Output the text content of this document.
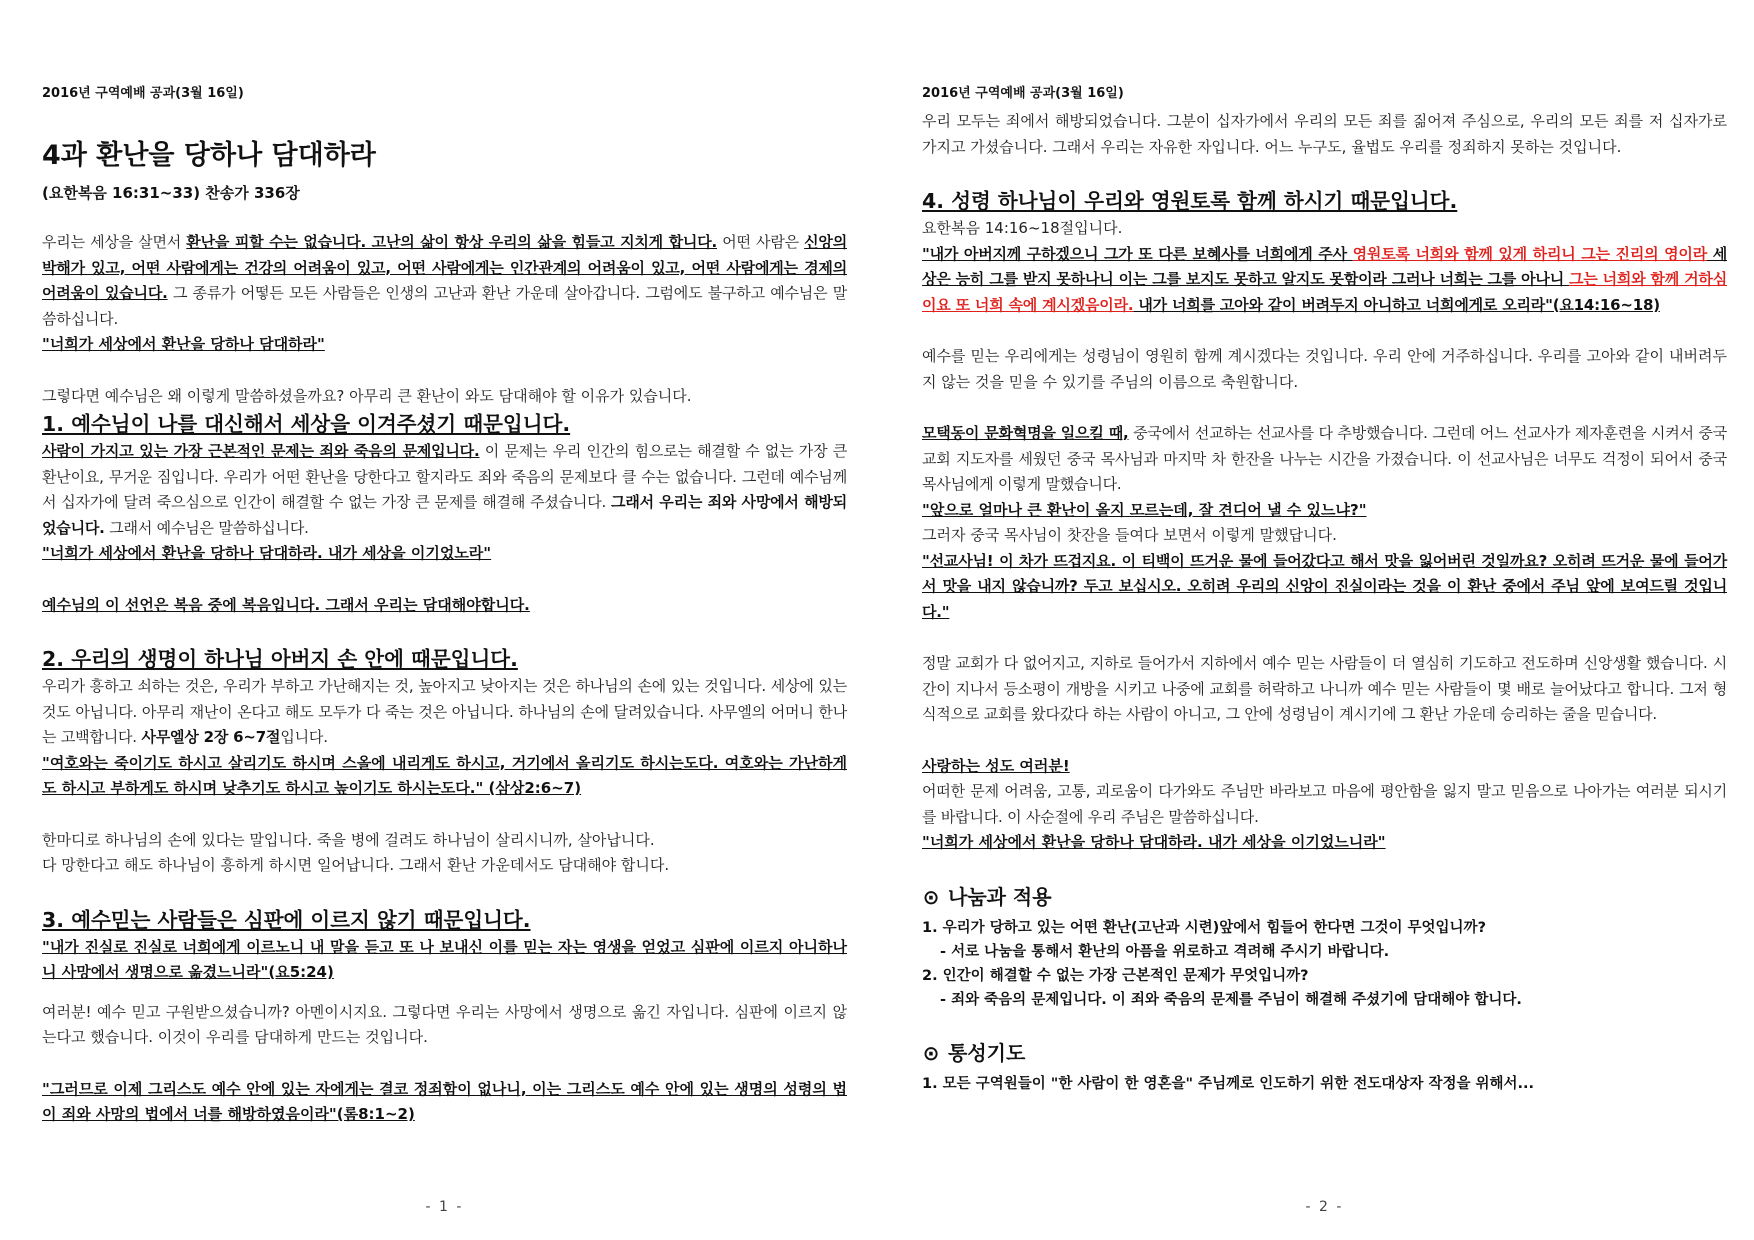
2016년 구역예배 공과(3월 16일)
4과 환난을 당하나 담대하라
(요한복음 16:31~33) 찬송가 336장

우리는 세상을 살면서 환난을 피할 수는 없습니다. 고난의 삶이 항상 우리의 삶을 힘들고 지치게 합니다. 어떤 사람은 신앙의 박해가 있고, 어떤 사람에게는 건강의 어려움이 있고, 어떤 사람에게는 인간관계의 어려움이 있고, 어떤 사람에게는 경제의 어려움이 있습니다. 그 종류가 어떻든 모든 사람들은 인생의 고난과 환난 가운데 살아갑니다. 그럼에도 불구하고 예수님은 말씀하십니다.

"너희가 세상에서 환난을 당하나 담대하라"

그렇다면 예수님은 왜 이렇게 말씀하셨을까요? 아무리 큰 환난이 와도 담대해야 할 이유가 있습니다.

1. 예수님이 나를 대신해서 세상을 이겨주셨기 때문입니다.

사람이 가지고 있는 가장 근본적인 문제는 죄와 죽음의 문제입니다. 이 문제는 우리 인간의 힘으로는 해결할 수 없는 가장 큰 환난이요, 무거운 짐입니다. 우리가 어떤 환난을 당한다고 할지라도 죄와 죽음의 문제보다 클 수는 없습니다. 그런데 예수님께서 십자가에 달려 죽으심으로 인간이 해결할 수 없는 가장 큰 문제를 해결해 주셨습니다. 그래서 우리는 죄와 사망에서 해방되었습니다. 그래서 예수님은 말씀하십니다.

"너희가 세상에서 환난을 당하나 담대하라. 내가 세상을 이기었노라"

예수님의 이 선언은 복음 중에 복음입니다. 그래서 우리는 담대해야합니다.

2. 우리의 생명이 하나님 아버지 손 안에 때문입니다.

우리가 흥하고 쇠하는 것은, 우리가 부하고 가난해지는 것, 높아지고 낮아지는 것은 하나님의 손에 있는 것입니다. 세상에 있는 것도 아닙니다. 아무리 재난이 온다고 해도 모두가 다 죽는 것은 아닙니다. 하나님의 손에 달려있습니다. 사무엘의 어머니 한나는 고백합니다. 사무엘상 2장 6~7절입니다.

"여호와는 죽이기도 하시고 살리기도 하시며 스올에 내리게도 하시고, 거기에서 올리기도 하시는도다. 여호와는 가난하게도 하시고 부하게도 하시며 낮추기도 하시고 높이기도 하시는도다." (삼상2:6~7)

한마디로 하나님의 손에 있다는 말입니다. 죽을 병에 걸려도 하나님이 살리시니까, 살아납니다.

다 망한다고 해도 하나님이 흥하게 하시면 일어납니다. 그래서 환난 가운데서도 담대해야 합니다.

3. 예수믿는 사람들은 심판에 이르지 않기 때문입니다.

"내가 진실로 진실로 너희에게 이르노니 내 말을 듣고 또 나 보내신 이를 믿는 자는 영생을 얻었고 심판에 이르지 아니하나니 사망에서 생명으로 옮겼느니라"(요5:24)

여러분! 예수 믿고 구원받으셨습니까? 아멘이시지요. 그렇다면 우리는 사망에서 생명으로 옮긴 자입니다. 심판에 이르지 않는다고 했습니다. 이것이 우리를 담대하게 만드는 것입니다.

"그러므로 이제 그리스도 예수 안에 있는 자에게는 결코 정죄함이 없나니, 이는 그리스도 예수 안에 있는 생명의 성령의 법이 죄와 사망의 법에서 너를 해방하였음이라"(롬8:1~2)

- 1 -
2016년 구역예배 공과(3월 16일)

우리 모두는 죄에서 해방되었습니다. 그분이 십자가에서 우리의 모든 죄를 짊어져 주심으로, 우리의 모든 죄를 저 십자가로 가지고 가셨습니다. 그래서 우리는 자유한 자입니다. 어느 누구도, 율법도 우리를 정죄하지 못하는 것입니다.

4. 성령 하나님이 우리와 영원토록 함께 하시기 때문입니다.

요한복음 14:16~18절입니다.

"내가 아버지께 구하겠으니 그가 또 다른 보혜사를 너희에게 주사 영원토록 너희와 함께 있게 하리니 그는 진리의 영이라 세상은 능히 그를 받지 못하나니 이는 그를 보지도 못하고 알지도 못함이라 그러나 너희는 그를 아나니 그는 너희와 함께 거하심이요 또 너희 속에 계시겠음이라. 내가 너희를 고아와 같이 버려두지 아니하고 너희에게로 오리라"(요14:16~18)

예수를 믿는 우리에게는 성령님이 영원히 함께 계시겠다는 것입니다. 우리 안에 거주하십니다. 우리를 고아와 같이 내버려두지 않는 것을 믿을 수 있기를 주님의 이름으로 축원합니다.

모택동이 문화혁명을 일으킬 때, 중국에서 선교하는 선교사를 다 추방했습니다. 그런데 어느 선교사가 제자훈련을 시켜서 중국교회 지도자를 세웠던 중국 목사님과 마지막 차 한잔을 나누는 시간을 가졌습니다. 이 선교사님은 너무도 걱정이 되어서 중국 목사님에게 이렇게 말했습니다.

"앞으로 얼마나 큰 환난이 올지 모르는데, 잘 견디어 낼 수 있느냐?"

그러자 중국 목사님이 찻잔을 들여다 보면서 이렇게 말했답니다.

"선교사님! 이 차가 뜨겁지요. 이 티백이 뜨거운 물에 들어갔다고 해서 맛을 잃어버린 것일까요? 오히려 뜨거운 물에 들어가서 맛을 내지 않습니까? 두고 보십시오. 오히려 우리의 신앙이 진실이라는 것을 이 환난 중에서 주님 앞에 보여드릴 것입니다."

정말 교회가 다 없어지고, 지하로 들어가서 지하에서 예수 믿는 사람들이 더 열심히 기도하고 전도하며 신앙생활 했습니다. 시간이 지나서 등소평이 개방을 시키고 나중에 교회를 허락하고 나니까 예수 믿는 사람들이 몇 배로 늘어났다고 합니다. 그저 형식적으로 교회를 왔다갔다 하는 사람이 아니고, 그 안에 성령님이 계시기에 그 환난 가운데 승리하는 줄을 믿습니다.

사랑하는 성도 여러분!

어떠한 문제 어려움, 고통, 괴로움이 다가와도 주님만 바라보고 마음에 평안함을 잃지 말고 믿음으로 나아가는 여러분 되시기를 바랍니다. 이 사순절에 우리 주님은 말씀하십니다.

"너희가 세상에서 환난을 당하나 담대하라. 내가 세상을 이기었느니라"

⊙ 나눔과 적용

1. 우리가 당하고 있는 어떤 환난(고난과 시련)앞에서 힘들어 한다면 그것이 무엇입니까?

- 서로 나눔을 통해서 환난의 아픔을 위로하고 격려해 주시기 바랍니다.

2. 인간이 해결할 수 없는 가장 근본적인 문제가 무엇입니까?

- 죄와 죽음의 문제입니다. 이 죄와 죽음의 문제를 주님이 해결해 주셨기에 담대해야 합니다.

⊙ 통성기도

1. 모든 구역원들이 "한 사람이 한 영혼을" 주님께로 인도하기 위한 전도대상자 작정을 위해서...

- 2 -
